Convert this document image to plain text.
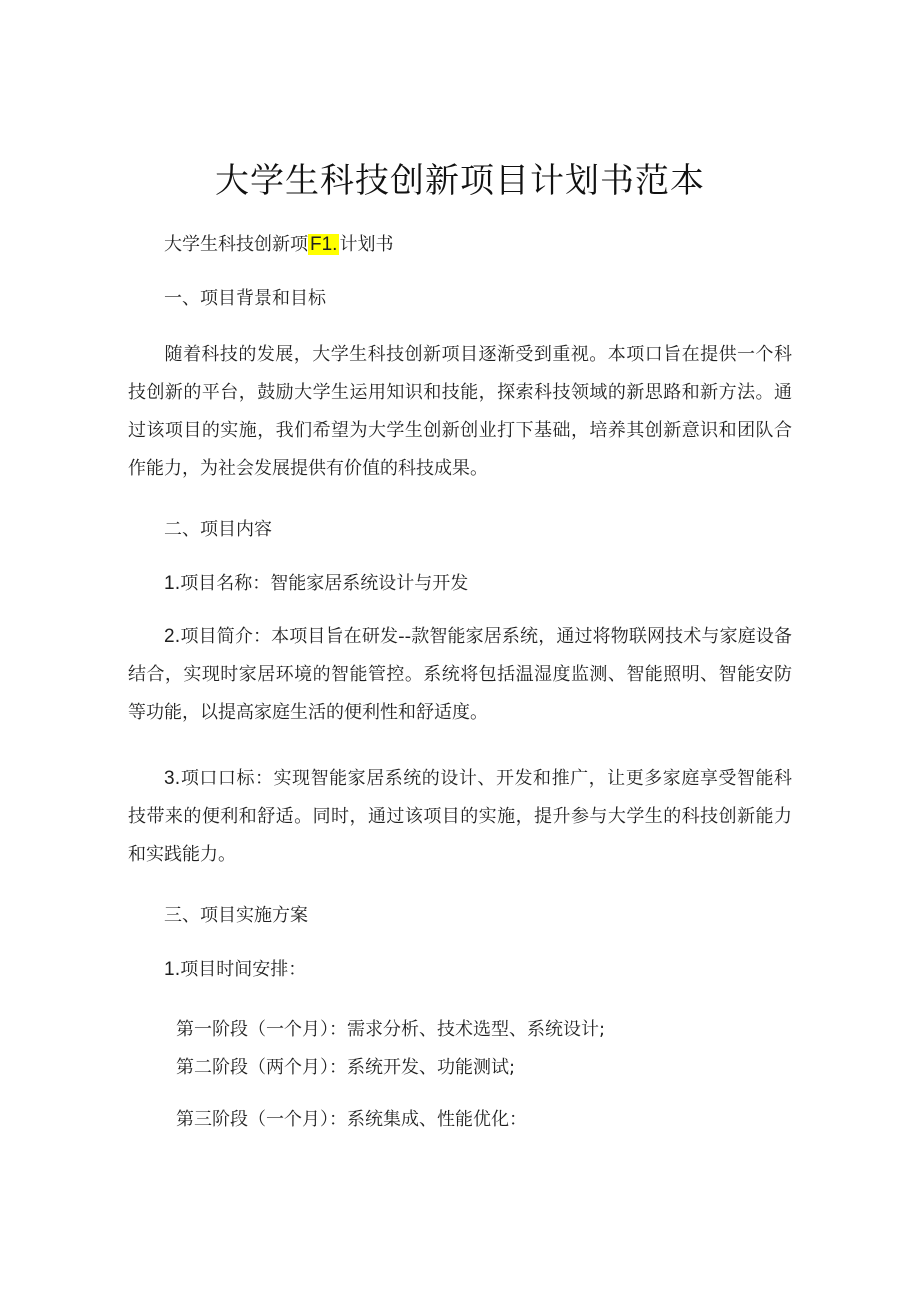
大学生科技创新项目计划书范本
大学生科技创新项 F1. 计划书
一、项目背景和目标
随着科技的发展，大学生科技创新项目逐渐受到重视。本项口旨在提供一个科技创新的平台，鼓励大学生运用知识和技能，探索科技领域的新思路和新方法。通过该项目的实施，我们希望为大学生创新创业打下基础，培养其创新意识和团队合作能力，为社会发展提供有价值的科技成果。
二、项目内容
1.项目名称：智能家居系统设计与开发
2.项目简介：本项目旨在研发--款智能家居系统，通过将物联网技术与家庭设备结合，实现时家居环境的智能管控。系统将包括温湿度监测、智能照明、智能安防等功能，以提高家庭生活的便利性和舒适度。
3.项口口标：实现智能家居系统的设计、开发和推广，让更多家庭享受智能科技带来的便利和舒适。同时，通过该项目的实施，提升参与大学生的科技创新能力和实践能力。
三、项目实施方案
1.项目时间安排：
第一阶段（一个月）：需求分析、技术选型、系统设计;
第二阶段（两个月）：系统开发、功能测试;
第三阶段（一个月）：系统集成、性能优化：
